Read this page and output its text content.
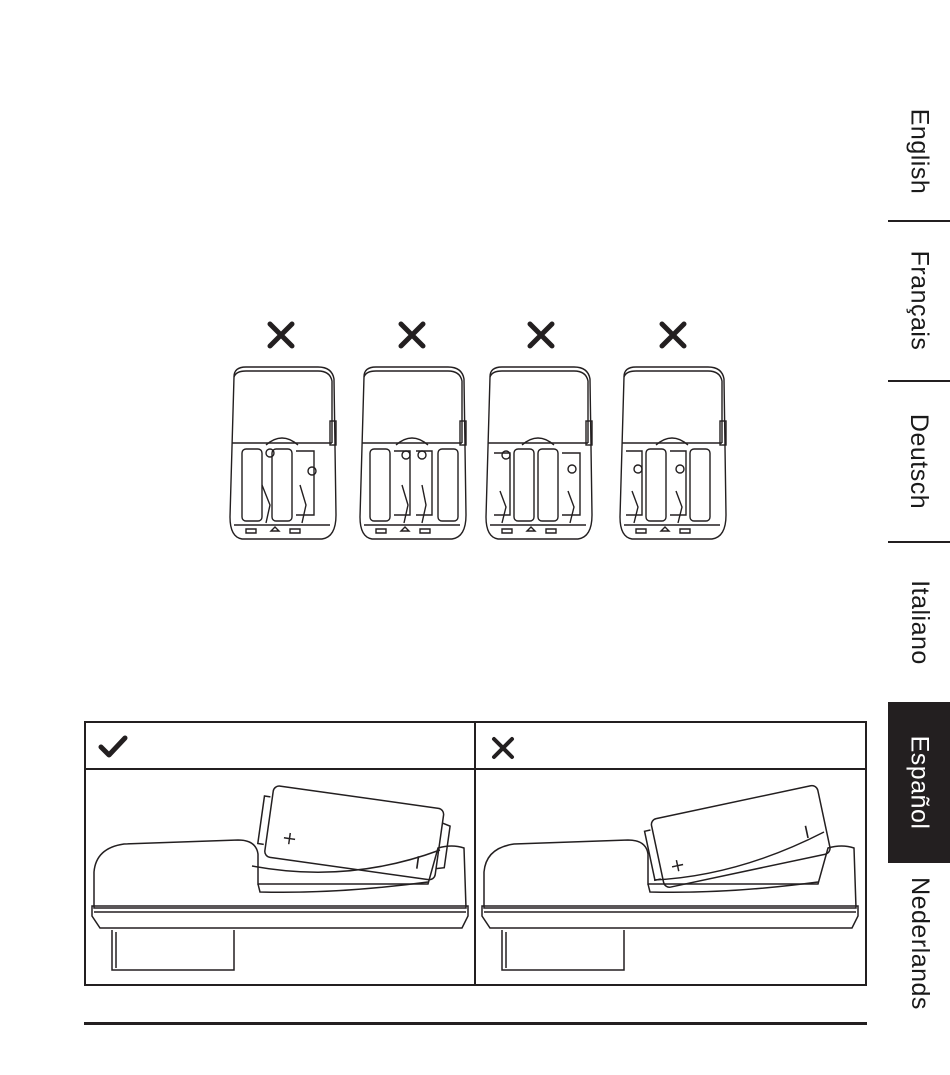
English
Français
Deutsch
Italiano
Español
Nederlands
+
−	+
−
